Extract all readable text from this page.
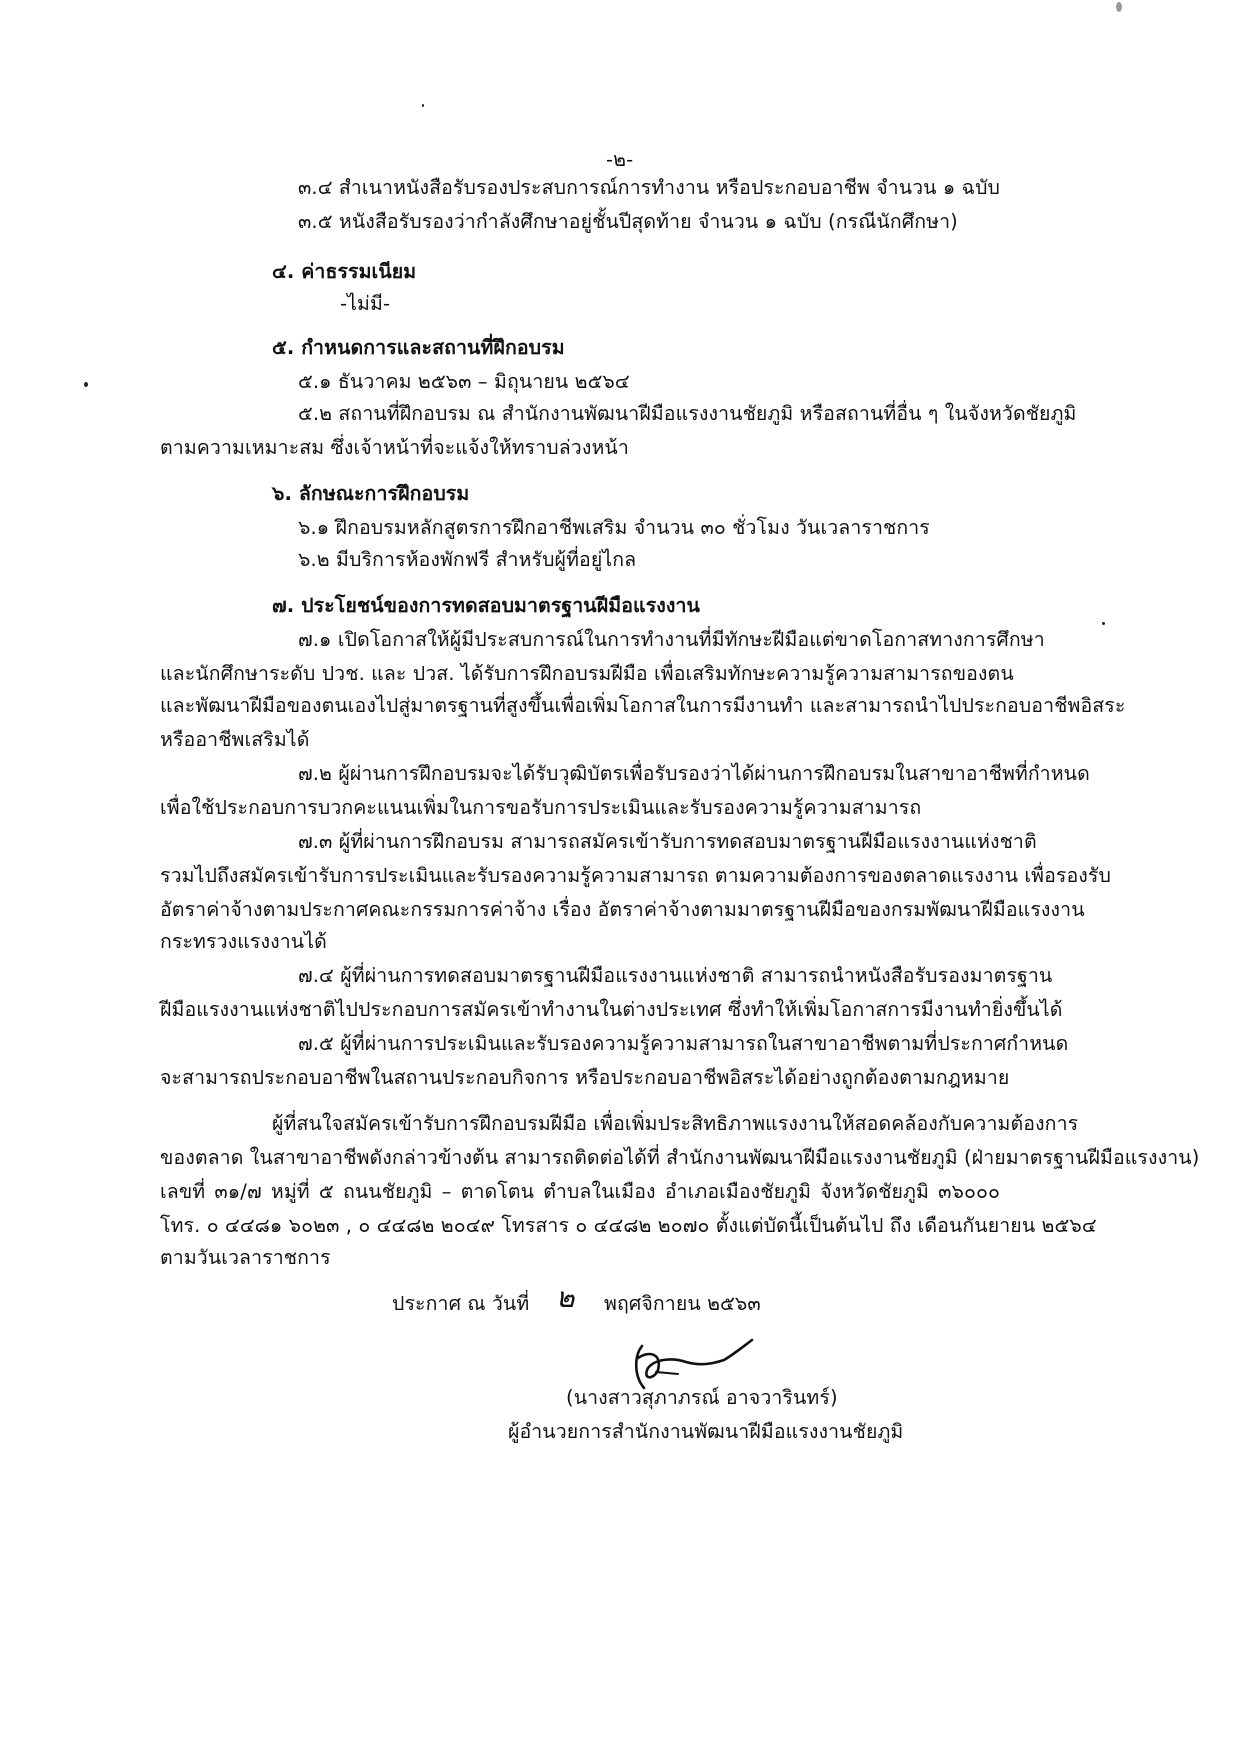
-๒-
๓.๔ สำเนาหนังสือรับรองประสบการณ์การทำงาน หรือประกอบอาชีพ จำนวน ๑ ฉบับ
๓.๕ หนังสือรับรองว่ากำลังศึกษาอยู่ชั้นปีสุดท้าย จำนวน ๑ ฉบับ (กรณีนักศึกษา)
๔. ค่าธรรมเนียม
-ไม่มี-
๕. กำหนดการและสถานที่ฝึกอบรม
๕.๑ ธันวาคม ๒๕๖๓ – มิถุนายน ๒๕๖๔
๕.๒ สถานที่ฝึกอบรม ณ สำนักงานพัฒนาฝีมือแรงงานชัยภูมิ หรือสถานที่อื่น ๆ ในจังหวัดชัยภูมิ
ตามความเหมาะสม ซึ่งเจ้าหน้าที่จะแจ้งให้ทราบล่วงหน้า
๖. ลักษณะการฝึกอบรม
๖.๑ ฝึกอบรมหลักสูตรการฝึกอาชีพเสริม จำนวน ๓๐ ชั่วโมง วันเวลาราชการ
๖.๒ มีบริการห้องพักฟรี สำหรับผู้ที่อยู่ไกล
๗. ประโยชน์ของการทดสอบมาตรฐานฝีมือแรงงาน
๗.๑ เปิดโอกาสให้ผู้มีประสบการณ์ในการทำงานที่มีทักษะฝีมือแต่ขาดโอกาสทางการศึกษา
และนักศึกษาระดับ ปวช. และ ปวส. ได้รับการฝึกอบรมฝีมือ เพื่อเสริมทักษะความรู้ความสามารถของตน
และพัฒนาฝีมือของตนเองไปสู่มาตรฐานที่สูงขึ้นเพื่อเพิ่มโอกาสในการมีงานทำ และสามารถนำไปประกอบอาชีพอิสระ
หรืออาชีพเสริมได้
๗.๒ ผู้ผ่านการฝึกอบรมจะได้รับวุฒิบัตรเพื่อรับรองว่าได้ผ่านการฝึกอบรมในสาขาอาชีพที่กำหนด
เพื่อใช้ประกอบการบวกคะแนนเพิ่มในการขอรับการประเมินและรับรองความรู้ความสามารถ
๗.๓ ผู้ที่ผ่านการฝึกอบรม สามารถสมัครเข้ารับการทดสอบมาตรฐานฝีมือแรงงานแห่งชาติ
รวมไปถึงสมัครเข้ารับการประเมินและรับรองความรู้ความสามารถ ตามความต้องการของตลาดแรงงาน เพื่อรองรับ
อัตราค่าจ้างตามประกาศคณะกรรมการค่าจ้าง เรื่อง อัตราค่าจ้างตามมาตรฐานฝีมือของกรมพัฒนาฝีมือแรงงาน
กระทรวงแรงงานได้
๗.๔ ผู้ที่ผ่านการทดสอบมาตรฐานฝีมือแรงงานแห่งชาติ สามารถนำหนังสือรับรองมาตรฐาน
ฝีมือแรงงานแห่งชาติไปประกอบการสมัครเข้าทำงานในต่างประเทศ ซึ่งทำให้เพิ่มโอกาสการมีงานทำยิ่งขึ้นได้
๗.๕ ผู้ที่ผ่านการประเมินและรับรองความรู้ความสามารถในสาขาอาชีพตามที่ประกาศกำหนด
จะสามารถประกอบอาชีพในสถานประกอบกิจการ หรือประกอบอาชีพอิสระได้อย่างถูกต้องตามกฎหมาย
ผู้ที่สนใจสมัครเข้ารับการฝึกอบรมฝีมือ เพื่อเพิ่มประสิทธิภาพแรงงานให้สอดคล้องกับความต้องการ
ของตลาด ในสาขาอาชีพดังกล่าวข้างต้น สามารถติดต่อได้ที่ สำนักงานพัฒนาฝีมือแรงงานชัยภูมิ (ฝ่ายมาตรฐานฝีมือแรงงาน)
เลขที่ ๓๑/๗ หมู่ที่ ๕ ถนนชัยภูมิ – ตาดโตน ตำบลในเมือง อำเภอเมืองชัยภูมิ จังหวัดชัยภูมิ ๓๖๐๐๐
โทร. ๐ ๔๔๘๑ ๖๐๒๓ , ๐ ๔๔๘๒ ๒๐๔๙ โทรสาร ๐ ๔๔๘๒ ๒๐๗๐ ตั้งแต่บัดนี้เป็นต้นไป ถึง เดือนกันยายน ๒๕๖๔
ตามวันเวลาราชการ
ประกาศ ณ วันที่ ๒ พฤศจิกายน ๒๕๖๓
(นางสาวสุภาภรณ์ อาจวารินทร์)
ผู้อำนวยการสำนักงานพัฒนาฝีมือแรงงานชัยภูมิ
